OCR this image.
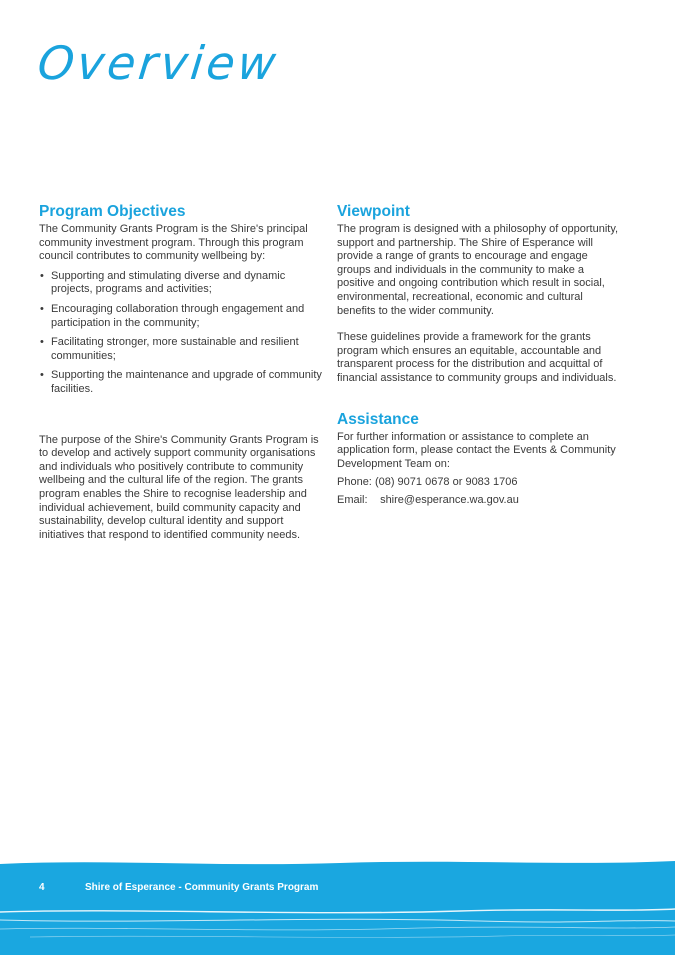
Overview
Program Objectives

The Community Grants Program is the Shire's principal community investment program. Through this program council contributes to community wellbeing by:

• Supporting and stimulating diverse and dynamic projects, programs and activities;
• Encouraging collaboration through engagement and participation in the community;
• Facilitating stronger, more sustainable and resilient communities;
• Supporting the maintenance and upgrade of community facilities.

The purpose of the Shire's Community Grants Program is to develop and actively support community organisations and individuals who positively contribute to community wellbeing and the cultural life of the region. The grants program enables the Shire to recognise leadership and individual achievement, build community capacity and sustainability, develop cultural identity and support initiatives that respond to identified community needs.

Viewpoint

The program is designed with a philosophy of opportunity, support and partnership. The Shire of Esperance will provide a range of grants to encourage and engage groups and individuals in the community to make a positive and ongoing contribution which result in social, environmental, recreational, economic and cultural benefits to the wider community.

These guidelines provide a framework for the grants program which ensures an equitable, accountable and transparent process for the distribution and acquittal of financial assistance to community groups and individuals.

Assistance

For further information or assistance to complete an application form, please contact the Events & Community Development Team on:

Phone: (08) 9071 0678 or 9083 1706
Email: shire@esperance.wa.gov.au
4	Shire of Esperance - Community Grants Program
